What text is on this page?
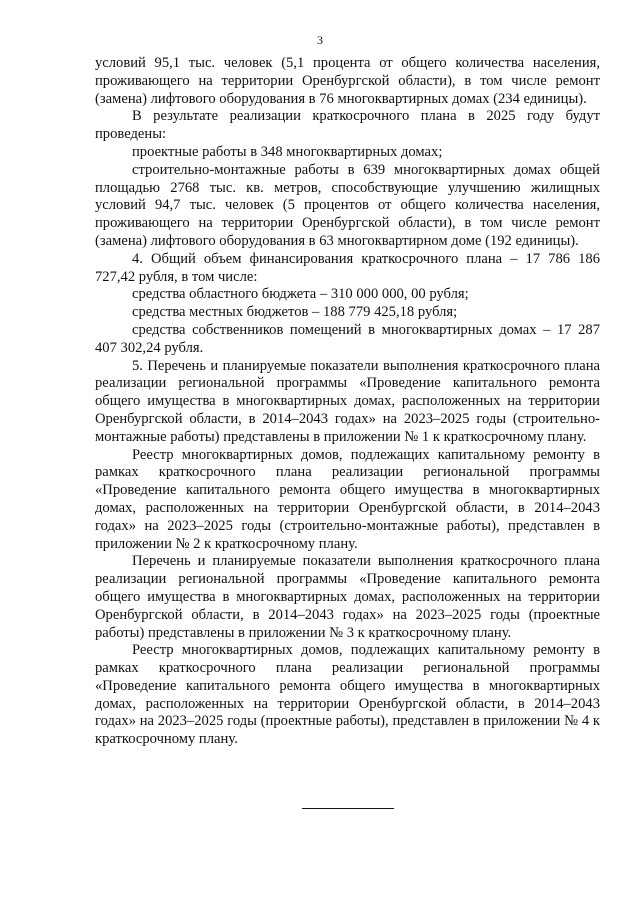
3

условий 95,1 тыс. человек (5,1 процента от общего количества населения, проживающего на территории Оренбургской области), в том числе ремонт (замена) лифтового оборудования в 76 многоквартирных домах (234 единицы).

В результате реализации краткосрочного плана в 2025 году будут проведены:

проектные работы в 348 многоквартирных домах;

строительно-монтажные работы в 639 многоквартирных домах общей площадью 2768 тыс. кв. метров, способствующие улучшению жилищных условий 94,7 тыс. человек (5 процентов от общего количества населения, проживающего на территории Оренбургской области), в том числе ремонт (замена) лифтового оборудования в 63 многоквартирном доме (192 единицы).

4. Общий объем финансирования краткосрочного плана – 17 786 186 727,42 рубля, в том числе:

средства областного бюджета – 310 000 000, 00 рубля;

средства местных бюджетов – 188 779 425,18 рубля;

средства собственников помещений в многоквартирных домах – 17 287 407 302,24 рубля.

5. Перечень и планируемые показатели выполнения краткосрочного плана реализации региональной программы «Проведение капитального ремонта общего имущества в многоквартирных домах, расположенных на территории Оренбургской области, в 2014–2043 годах» на 2023–2025 годы (строительно-монтажные работы) представлены в приложении № 1 к краткосрочному плану.

Реестр многоквартирных домов, подлежащих капитальному ремонту в рамках краткосрочного плана реализации региональной программы «Проведение капитального ремонта общего имущества в многоквартирных домах, расположенных на территории Оренбургской области, в 2014–2043 годах» на 2023–2025 годы (строительно-монтажные работы), представлен в приложении № 2 к краткосрочному плану.

Перечень и планируемые показатели выполнения краткосрочного плана реализации региональной программы «Проведение капитального ремонта общего имущества в многоквартирных домах, расположенных на территории Оренбургской области, в 2014–2043 годах» на 2023–2025 годы (проектные работы) представлены в приложении № 3 к краткосрочному плану.

Реестр многоквартирных домов, подлежащих капитальному ремонту в рамках краткосрочного плана реализации региональной программы «Проведение капитального ремонта общего имущества в многоквартирных домах, расположенных на территории Оренбургской области, в 2014–2043 годах» на 2023–2025 годы (проектные работы), представлен в приложении № 4 к краткосрочному плану.
